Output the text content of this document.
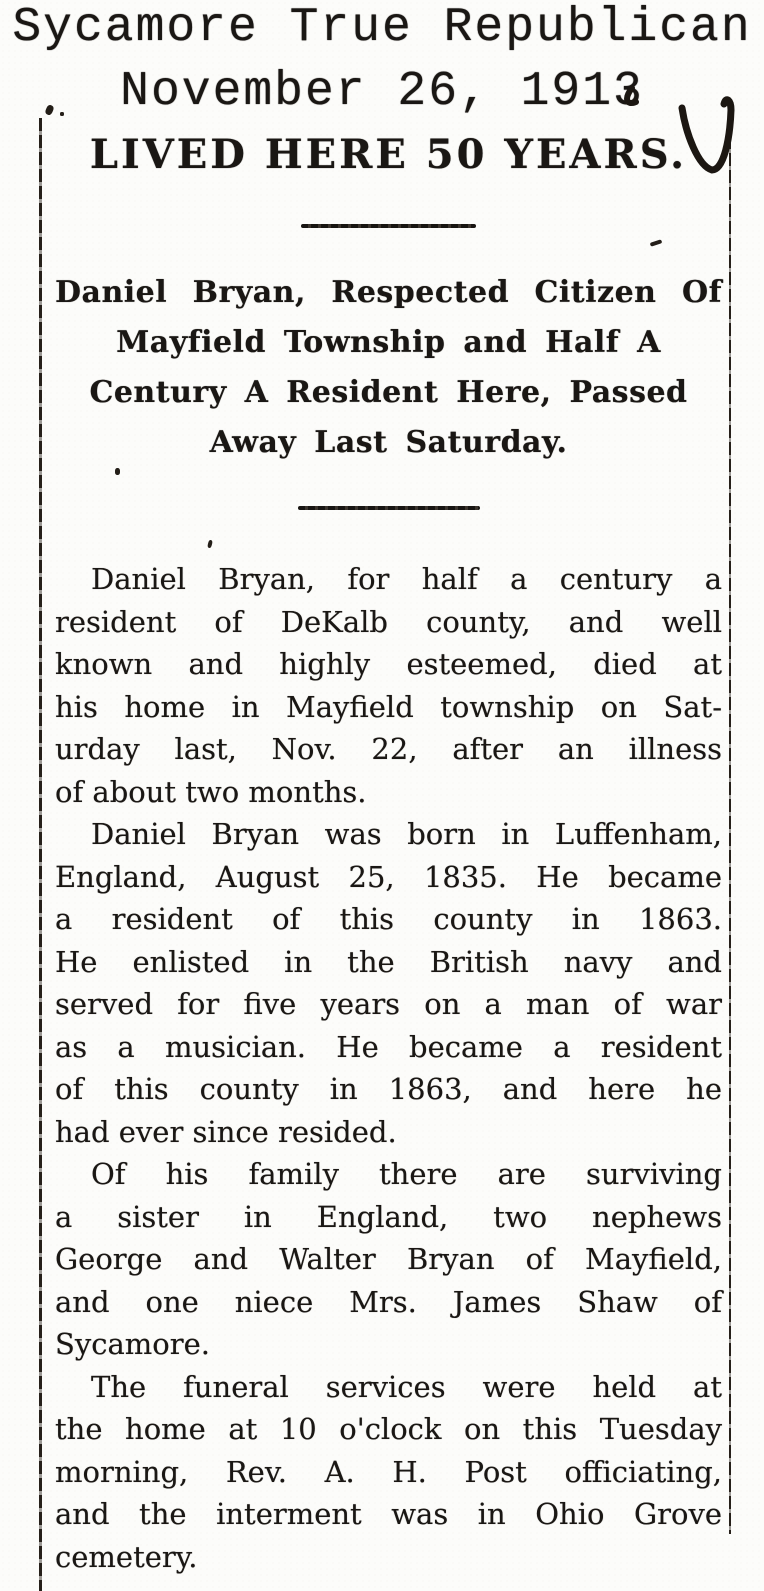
Sycamore True Republican
November 26, 1913
LIVED HERE 50 YEARS.
Daniel Bryan, Respected Citizen Of
Mayfield Township and Half A
Century A Resident Here, Passed
Away Last Saturday.
Daniel Bryan, for half a century a
resident of DeKalb county, and well
known and highly esteemed, died at
his home in Mayfield township on Sat-
urday last, Nov. 22, after an illness
of about two months.
Daniel Bryan was born in Luffenham,
England, August 25, 1835. He became
a resident of this county in 1863.
He enlisted in the British navy and
served for five years on a man of war
as a musician. He became a resident
of this county in 1863, and here he
had ever since resided.
Of his family there are surviving
a sister in England, two nephews
George and Walter Bryan of Mayfield,
and one niece Mrs. James Shaw of
Sycamore.
The funeral services were held at
the home at 10 o'clock on this Tuesday
morning, Rev. A. H. Post officiating,
and the interment was in Ohio Grove
cemetery.
